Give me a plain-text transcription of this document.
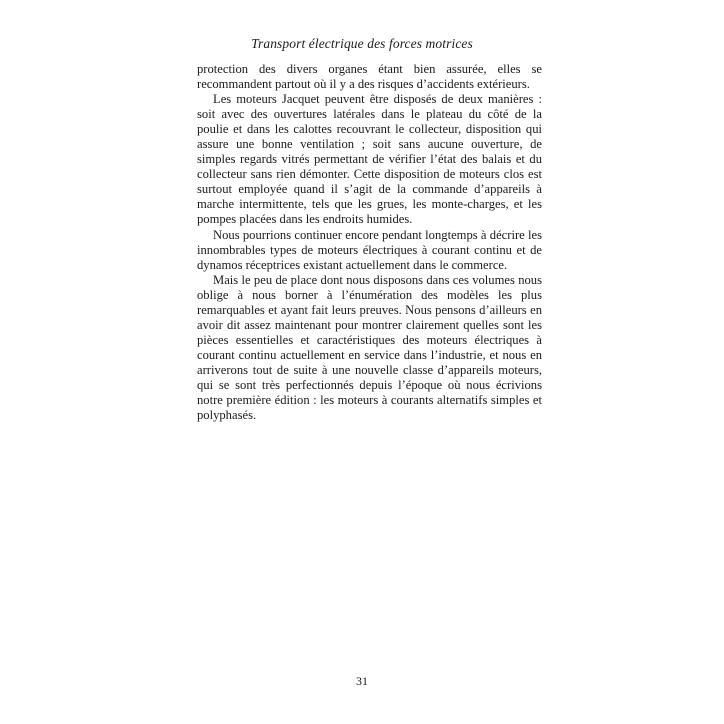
Transport électrique des forces motrices

protection des divers organes étant bien assurée, elles se recommandent partout où il y a des risques d’accidents extérieurs.

Les moteurs Jacquet peuvent être disposés de deux manières : soit avec des ouvertures latérales dans le plateau du côté de la poulie et dans les calottes recouvrant le collecteur, disposition qui assure une bonne ventilation ; soit sans aucune ouverture, de simples regards vitrés permettant de vérifier l’état des balais et du collecteur sans rien démonter. Cette disposition de moteurs clos est surtout employée quand il s’agit de la commande d’appareils à marche intermittente, tels que les grues, les monte-charges, et les pompes placées dans les endroits humides.

Nous pourrions continuer encore pendant longtemps à décrire les innombrables types de moteurs électriques à courant continu et de dynamos réceptrices existant actuellement dans le commerce.

Mais le peu de place dont nous disposons dans ces volumes nous oblige à nous borner à l’énumération des modèles les plus remarquables et ayant fait leurs preuves. Nous pensons d’ailleurs en avoir dit assez maintenant pour montrer clairement quelles sont les pièces essentielles et caractéristiques des moteurs électriques à courant continu actuellement en service dans l’industrie, et nous en arriverons tout de suite à une nouvelle classe d’appareils moteurs, qui se sont très perfectionnés depuis l’époque où nous écrivions notre première édition : les moteurs à courants alternatifs simples et polyphasés.

31
